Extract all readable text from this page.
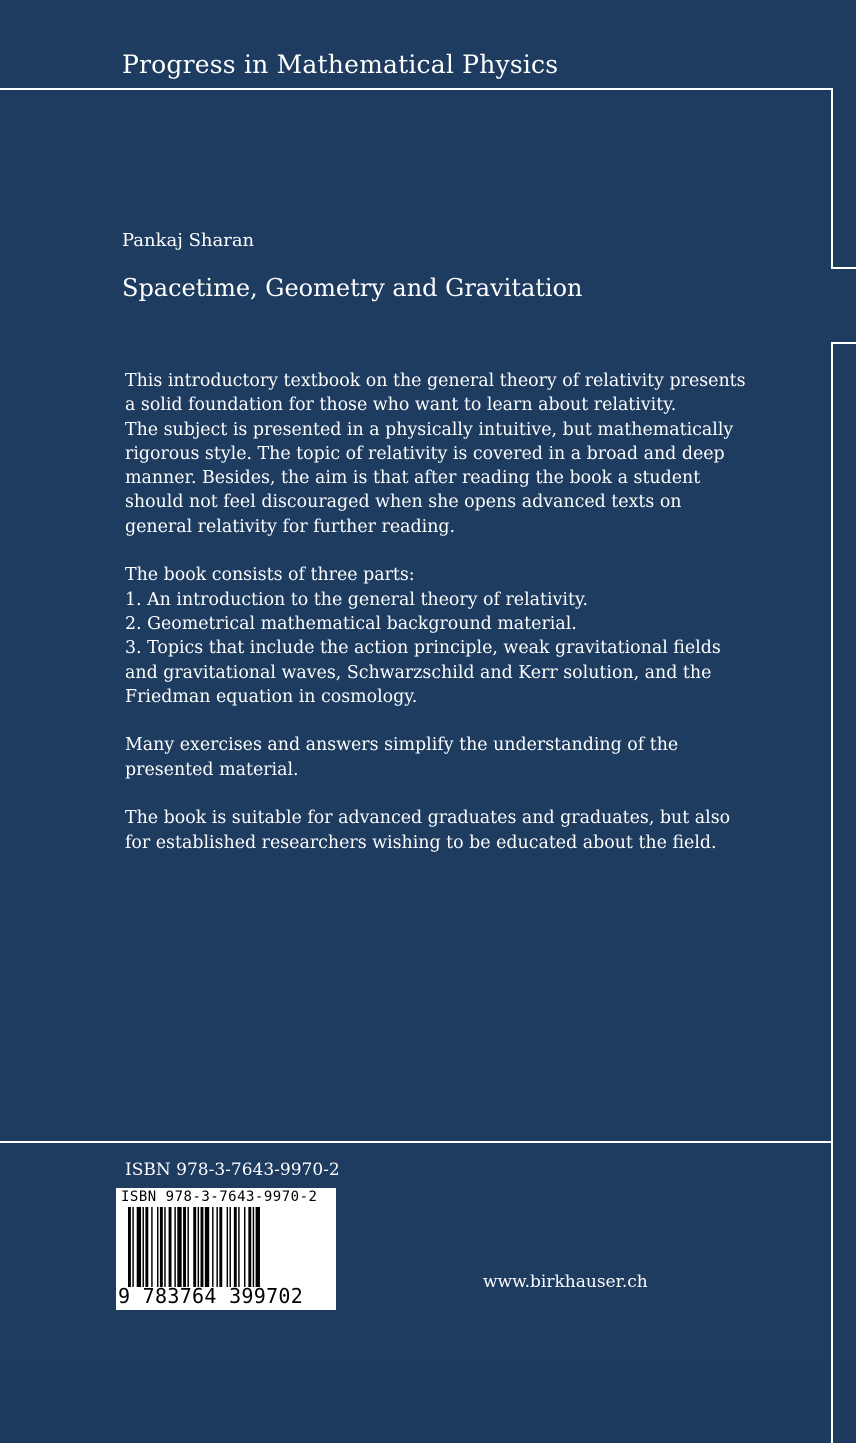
Progress in Mathematical Physics
Pankaj Sharan
Spacetime, Geometry and Gravitation

This introductory textbook on the general theory of relativity presents
a solid foundation for those who want to learn about relativity.
The subject is presented in a physically intuitive, but mathematically
rigorous style. The topic of relativity is covered in a broad and deep
manner. Besides, the aim is that after reading the book a student
should not feel discouraged when she opens advanced texts on
general relativity for further reading.

The book consists of three parts:
1. An introduction to the general theory of relativity.
2. Geometrical mathematical background material.
3. Topics that include the action principle, weak gravitational fields
and gravitational waves, Schwarzschild and Kerr solution, and the
Friedman equation in cosmology.

Many exercises and answers simplify the understanding of the
presented material.

The book is suitable for advanced graduates and graduates, but also
for established researchers wishing to be educated about the field.

ISBN 978-3-7643-9970-2
ISBN 978-3-7643-9970-2
9 783764 399702
www.birkhauser.ch
